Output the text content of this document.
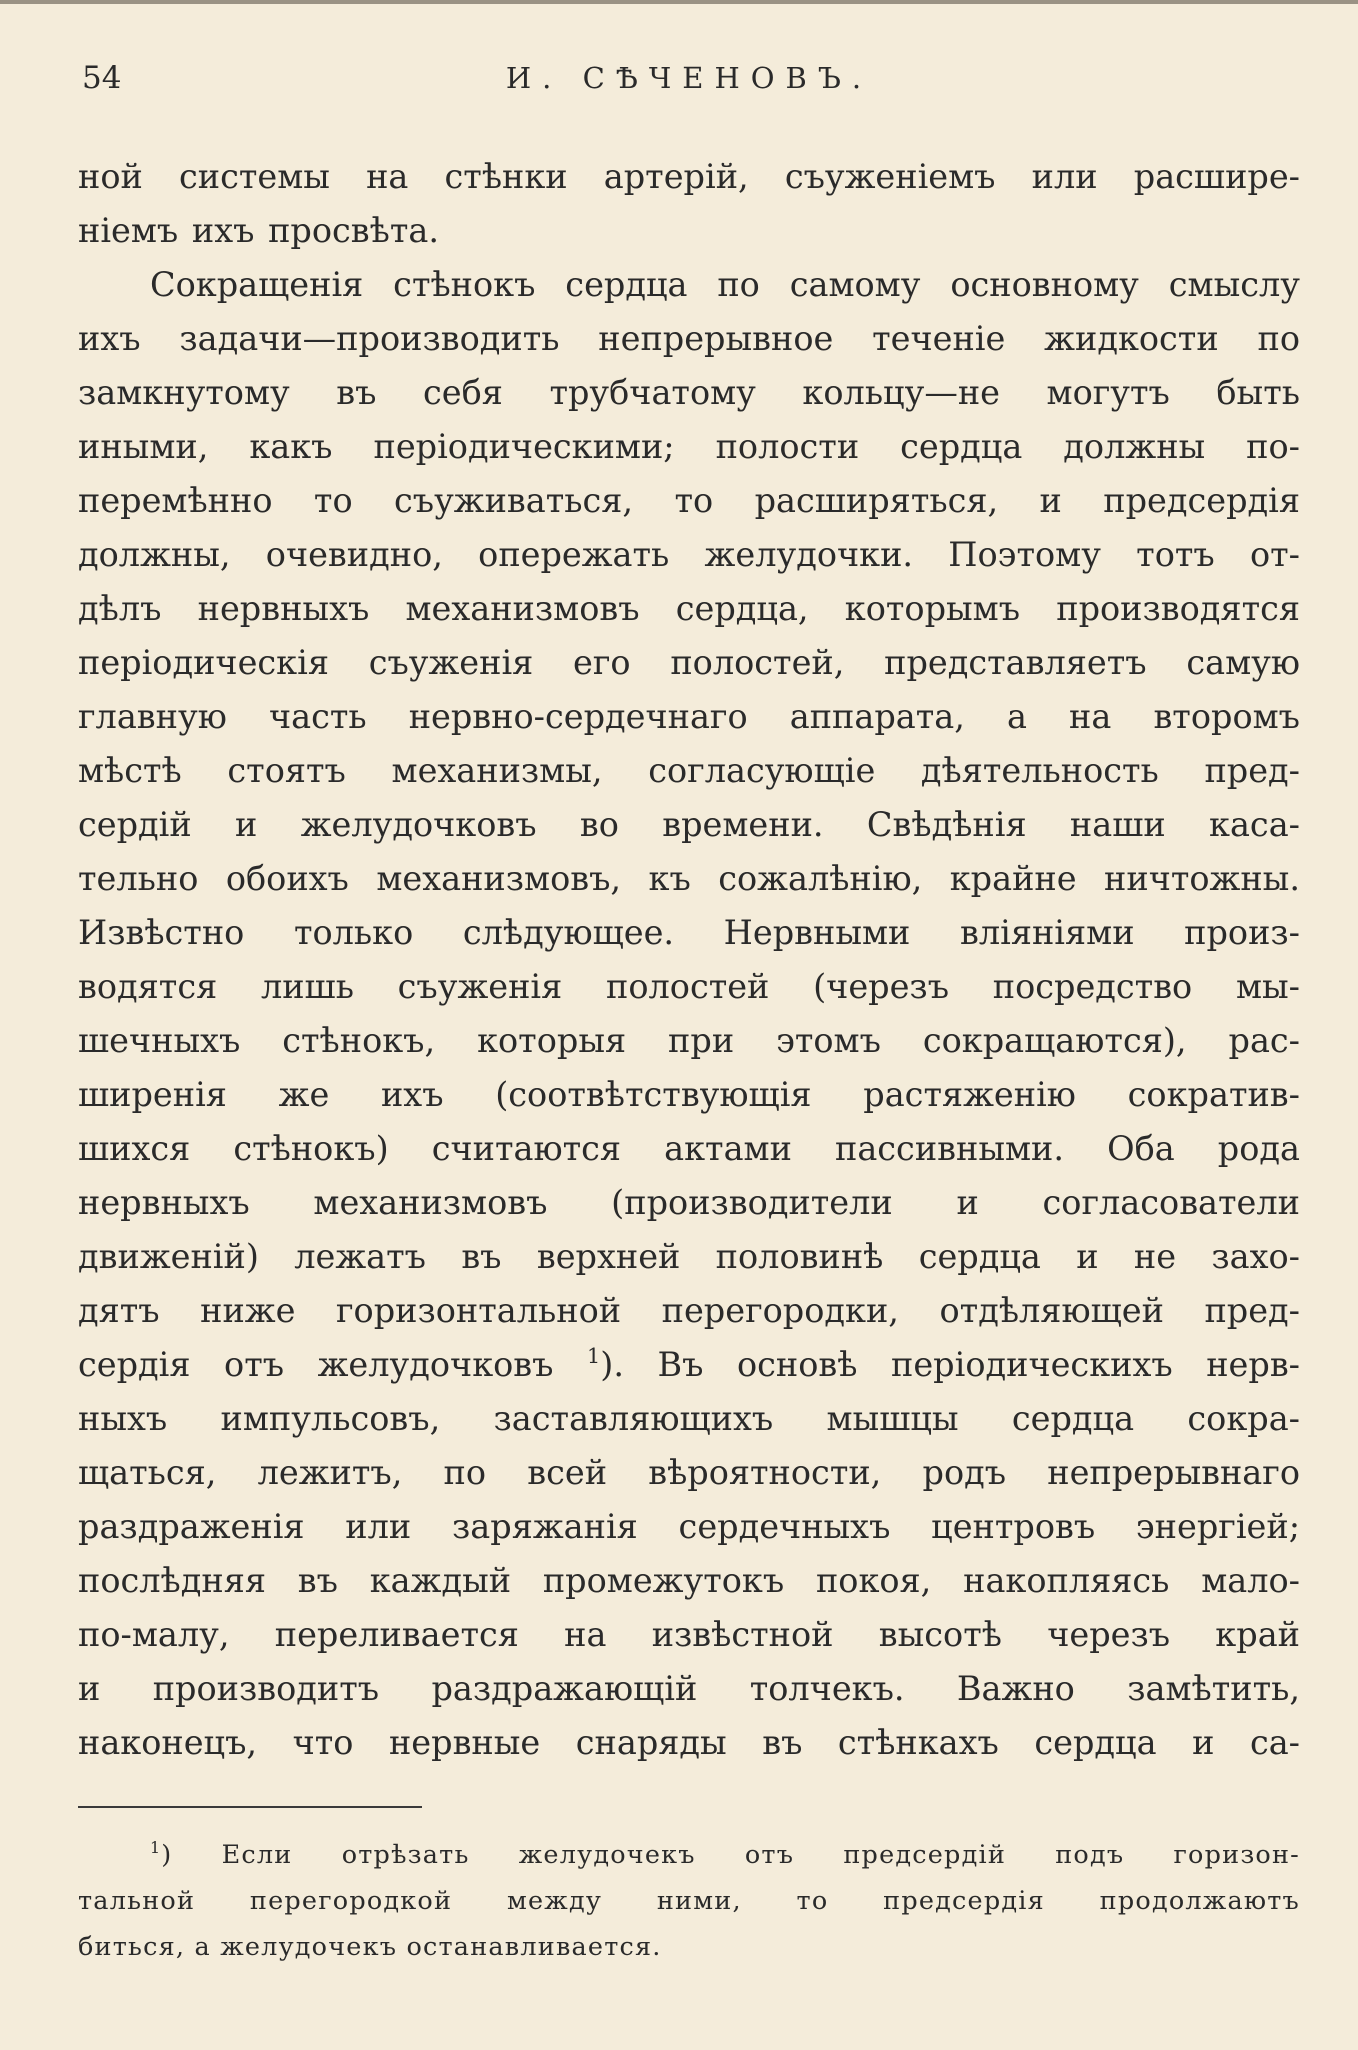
54	И. СѢЧЕНОВЪ.
ной системы на стѣнки артерій, съуженіемъ или расшире-
ніемъ ихъ просвѣта.
Сокращенія стѣнокъ сердца по самому основному смыслу
ихъ задачи—производить непрерывное теченіе жидкости по
замкнутому въ себя трубчатому кольцу—не могутъ быть
иными, какъ періодическими; полости сердца должны по-
перемѣнно то съуживаться, то расширяться, и предсердія
должны, очевидно, опережать желудочки. Поэтому тотъ от-
дѣлъ нервныхъ механизмовъ сердца, которымъ производятся
періодическія съуженія его полостей, представляетъ самую
главную часть нервно-сердечнаго аппарата, а на второмъ
мѣстѣ стоятъ механизмы, согласующіе дѣятельность пред-
сердій и желудочковъ во времени. Свѣдѣнія наши каса-
тельно обоихъ механизмовъ, къ сожалѣнію, крайне ничтожны.
Извѣстно только слѣдующее. Нервными вліяніями произ-
водятся лишь съуженія полостей (черезъ посредство мы-
шечныхъ стѣнокъ, которыя при этомъ сокращаются), рас-
ширенія же ихъ (соотвѣтствующія растяженію сократив-
шихся стѣнокъ) считаются актами пассивными. Оба рода
нервныхъ механизмовъ (производители и согласователи
движеній) лежатъ въ верхней половинѣ сердца и не захо-
дятъ ниже горизонтальной перегородки, отдѣляющей пред-
сердія отъ желудочковъ $^1$). Въ основѣ періодическихъ нерв-
ныхъ импульсовъ, заставляющихъ мышцы сердца сокра-
щаться, лежитъ, по всей вѣроятности, родъ непрерывнаго
раздраженія или заряжанія сердечныхъ центровъ энергіей;
послѣдняя въ каждый промежутокъ покоя, накопляясь мало-
по-малу, переливается на извѣстной высотѣ черезъ край
и производитъ раздражающій толчекъ. Важно замѣтить,
наконецъ, что нервные снаряды въ стѣнкахъ сердца и са-
$^1$) Если отрѣзать желудочекъ отъ предсердій подъ горизон-
тальной перегородкой между ними, то предсердія продолжаютъ
биться, а желудочекъ останавливается.
